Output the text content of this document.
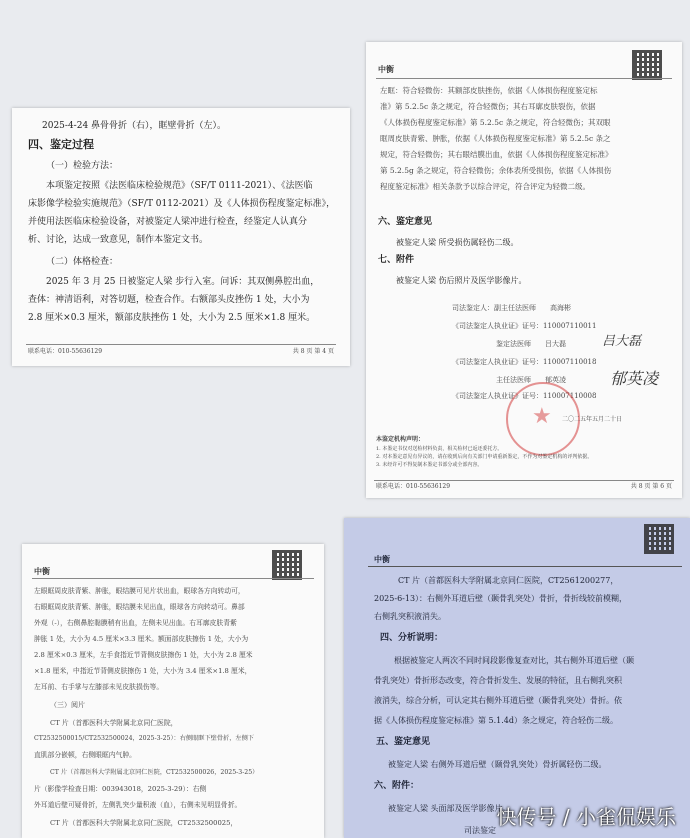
2025-4-24 鼻骨骨折（右），眶壁骨折（左）。
四、鉴定过程
（一）检验方法：
本项鉴定按照《法医临床检验规范》（SF/T 0111-2021）、《法医临
床影像学检验实施规范》（SF/T 0112-2021）及《人体损伤程度鉴定标准》，
并使用法医临床检验设备，对被鉴定人梁冲进行检查，经鉴定人认真分
析、讨论，达成一致意见，制作本鉴定文书。
（二）体格检查：
2025 年 3 月 25 日被鉴定人梁 步行入室。问诉：其双侧鼻腔出血，
查体：神清语利，对答切题，检查合作。右额部头皮挫伤 1 处，大小为
2.8 厘米×0.3 厘米，额部皮肤挫伤 1 处，大小为 2.5 厘米×1.8 厘米。
联系电话：010-55636129	共 8 页 第 4 页
中衡
左眶：符合轻微伤：其额部皮肤挫伤，依据《人体损伤程度鉴定标
准》第 5.2.5c 条之规定，符合轻微伤；其右耳廓皮肤裂伤，依据
《人体损伤程度鉴定标准》第 5.2.5c 条之规定，符合轻微伤；其双眼
眶周皮肤青紫、肿胀，依据《人体损伤程度鉴定标准》第 5.2.5c 条之
规定，符合轻微伤；其右眼结膜出血，依据《人体损伤程度鉴定标准》
第 5.2.5g 条之规定，符合轻微伤；余体表所受损伤，依据《人体损伤
程度鉴定标准》相关条款予以综合评定，符合评定为轻微二级。
六、鉴定意见
被鉴定人梁 所受损伤属轻伤二级。
七、附件
被鉴定人梁 伤后照片及医学影像片。
司法鉴定人：副主任法医师　　高海彬
《司法鉴定人执业证》证号：110007110011
鉴定法医师　　吕大磊	吕大磊
《司法鉴定人执业证》证号：110007110018
主任法医师　　郁英凌	郁英凌
《司法鉴定人执业证》证号：110007110008
★
二〇二五年五月二十日
本鉴定机构声明：
1. 本鉴定书仅对送检材料负责，相关检材已返还委托方。
2. 对本鉴定意见有异议的，请在收到后向有关部门申请重新鉴定，不作为对鉴定机构的评判依据。
3. 未经许可不得复制本鉴定书部分或全部内容。
联系电话：010-55636129	共 8 页 第 6 页
中衡
左眼眶周皮肤青紫、肿胀，眼结膜可见片状出血，眼球各方向转动可，
右眼眶周皮肤青紫、肿胀，眼结膜未见出血，眼球各方向转动可。鼻部
外观（-），右侧鼻腔黏膜稍有出血，左侧未见出血。右耳廓皮肤青紫
肿胀 1 处，大小为 4.5 厘米×3.3 厘米。额面部皮肤擦伤 1 处，大小为
2.8 厘米×0.3 厘米，左手食指近节背侧皮肤擦伤 1 处，大小为 2.8 厘米
×1.8 厘米，中指近节背侧皮肤擦伤 1 处，大小为 3.4 厘米×1.8 厘米，
左耳前、右手掌与左膝部未见皮肤损伤等。
（三）阅片
CT 片（首都医科大学附属北京同仁医院，
CT2532500015/CT2532500024，2025-3-25）：右侧眼眶下壁骨折，左侧下
直肌部分嵌顿，右侧眼眶内气肿。
CT 片（首都医科大学附属北京同仁医院，CT2532500026，2025-3-25）
片（影像学检查日期：003943018，2025-3-29）：右侧
外耳道后壁可疑骨折，左侧乳突少量积液（血），右侧未见明显骨折。
CT 片（首都医科大学附属北京同仁医院，CT2532500025，
中衡
CT 片（首都医科大学附属北京同仁医院，CT2561200277，
2025-6-13）：右侧外耳道后壁（颞骨乳突处）骨折，骨折线较前模糊，
右侧乳突积液消失。
四、分析说明：
根据被鉴定人两次不同时间段影像复查对比，其右侧外耳道后壁（颞
骨乳突处）骨折形态改变，符合骨折发生、发展的特征，且右侧乳突积
液消失，综合分析，可认定其右侧外耳道后壁（颞骨乳突处）骨折。依
据《人体损伤程度鉴定标准》第 5.1.4d）条之规定，符合轻伤二级。
五、鉴定意见
被鉴定人梁 右侧外耳道后壁（颞骨乳突处）骨折属轻伤二级。
六、附件：
被鉴定人梁 头面部及医学影像片。
司法鉴定
快传号 / 小雀侃娱乐
